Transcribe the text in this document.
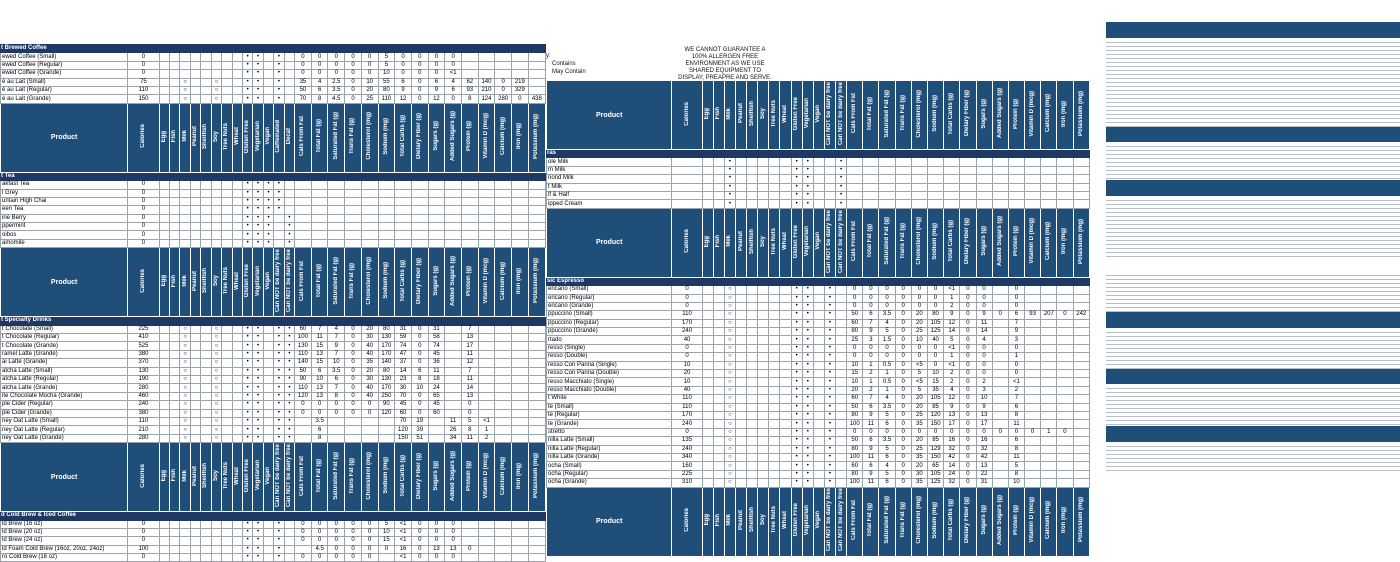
t Brewed Coffee																													
ewed Coffee (Small)	0									•	•		•		0	0	0	0	0	5	0	0	0	0					
ewed Coffee (Regular)	0									•	•		•		0	0	0	0	0	5	0	0	0	0					
ewed Coffee (Grande)	0									•	•		•		0	0	0	0	0	10	0	0	0	<1					
é au Lait (Small)	75			○			○			•	•		•		35	4	2.5	0	10	55	6	0	6	4	62	140	0	219	
é au Lait (Regular)	110			○			○			•	•		•		50	6	3.5	0	20	80	9	0	9	6	93	210	0	329	
é au Lait (Grande)	150			○			○			•	•		•		70	8	4.5	0	25	110	12	0	12	0	8	124	280	0	438
Product	Calories	Egg	Fish	Milk	Peanut	Shellfish	Soy	Tree Nuts	Wheat	Gluten Free	Vegetarian	Vegan	Caffeinated	Decaf	Cals From Fat	Total Fat (g)	Saturated Fat (g)	Trans Fat (g)	Cholesterol (mg)	Sodium (mg)	Total Carbs (g)	Dietary Fiber (g)	Sugars (g)	Added Sugars (g)	Protein (g)	Vitamin D (mcg)	Calcium (mg)	Iron (mg)	Potassium (mg)
t Tea																													
akfast Tea	0									•	•	•	•																
l Grey	0									•	•	•	•																
untain High Chai	0									•	•	•	•																
een Tea	0									•	•	•	•																
ine Berry	0									•	•	•		•															
ppermint	0									•	•	•		•															
oibos	0									•	•	•		•															
amomile	0									•	•	•		•															
Product	Calories	Egg	Fish	Milk	Peanut	Shellfish	Soy	Tree Nuts	Wheat	Gluten Free	Vegetarian	Vegan	Can NOT be dairy free	Can NOT be dairy free	Cals From Fat	Total Fat (g)	Saturated Fat (g)	Trans Fat (g)	Cholesterol (mg)	Sodium (mg)	Total Carbs (g)	Dietary Fiber (g)	Sugars (g)	Added Sugars (g)	Protein (g)	Vitamin D (mcg)	Calcium (mg)	Iron (mg)	Potassium (mg)
t Specialty Drinks																													
t Chocolate (Small)	225			○			○			•	•		•	•	60	7	4	0	20	80	31	0	31		7				
t Chocolate (Regular)	410			○			○			•	•		•	•	100	11	7	0	30	130	59	0	58		13				
t Chocolate (Grande)	525			○			○			•	•		•	•	130	15	9	0	40	170	74	0	74		17				
ramel Latte (Grande)	380			○			○			•	•		•	•	110	13	7	0	40	170	47	0	45		11				
ai Latte (Grande)	370			○			○			•	•		•	•	140	15	10	0	35	140	37	0	36		12				
atcha Latte (Small)	130			○			○			•	•		•	•	50	6	3.5	0	20	80	14	6	11		7				
atcha Latte (Regular)	190			○			○			•	•		•	•	90	10	6	0	30	130	23	8	18		11				
atcha Latte (Grande)	280			○			○			•	•		•	•	110	13	7	0	40	170	30	10	24		14				
ite Chocolate Mocha (Grande)	460			○			○			•	•		•	•	120	13	8	0	40	250	70	0	65		13				
ple Cider (Regular)	240			○			○			•	•		•	•	0	0	0	0	0	90	45	0	45		0				
ple Cider (Grande)	380			○			○			•	•		•	•	0	0	0	0	0	120	60	0	60		0				
ney Oat Latte (Small)	110			○			○			•	•		•	•		3.5					70	19		11	5	<1			
ney Oat Latte (Regular)	210			○			○			•	•		•	•		6					120	39		26	8	1			
ney Oat Latte (Grande)	280			○			○			•	•		•	•		8					150	51		34	11	2			
Product	Calories	Egg	Fish	Milk	Peanut	Shellfish	Soy	Tree Nuts	Wheat	Gluten Free	Vegetarian	Vegan	Can NOT be dairy free	Can NOT be dairy free	Cals From Fat	Total Fat (g)	Saturated Fat (g)	Trans Fat (g)	Cholesterol (mg)	Sodium (mg)	Total Carbs (g)	Dietary Fiber (g)	Sugars (g)	Added Sugars (g)	Protein (g)	Vitamin D (mcg)	Calcium (mg)	Iron (mg)	Potassium (mg)
d Cold Brew & Iced Coffee																													
ld Brew (16 oz)	0									•	•		•		0	0	0	0	0	5	<1	0	0	0					
ld Brew (20 oz)	0									•	•		•		0	0	0	0	0	10	<1	0	0	0					
ld Brew (24 oz)	0									•	•		•		0	0	0	0	0	15	<1	0	0	0					
ld Foam Cold Brew (16oz, 20oz, 24oz)	100									•	•		•			4.5	0	0	0	0	16	0	13	13	0				
ro Cold Brew (16 oz)	0									•	•		•		0	0	0	0	0		<1	0	0	0					
y:
Contains
May Contain
WE CANNOT GUARANTEE A 100% ALLERGEN FREE ENVIRONMENT AS WE USE SHARED EQUIPMENT TO DISPLAY, PREAPRE AND SERVE.
Product	Calories	Egg	Fish	Milk	Peanut	Shellfish	Soy	Tree Nuts	Wheat	Gluten Free	Vegetarian	Vegan	Can NOT be dairy free	Can NOT be dairy free	Cals From Fat	Total Fat (g)	Saturated Fat (g)	Trans Fat (g)	Cholesterol (mg)	Sodium (mg)	Total Carbs (g)	Dietary Fiber (g)	Sugars (g)	Added Sugars (g)	Protein (g)	Vitamin D (mcg)	Calcium (mg)	Iron (mg)	Potassium (mg)
ras																													
ole Milk				•						•	•			•															
m Milk				•						•	•			•															
nond Milk				•						•	•			•															
t Milk				•						•	•			•															
lf & Half				•						•	•			•															
ipped Cream				•						•	•			•															
Product	Calories	Egg	Fish	Milk	Peanut	Shellfish	Soy	Tree Nuts	Wheat	Gluten Free	Vegetarian	Vegan	Can NOT be dairy free	Can NOT be dairy free	Cals From Fat	Total Fat (g)	Saturated Fat (g)	Trans Fat (g)	Cholesterol (mg)	Sodium (mg)	Total Carbs (g)	Dietary Fiber (g)	Sugars (g)	Added Sugars (g)	Protein (g)	Vitamin D (mcg)	Calcium (mg)	Iron (mg)	Potassium (mg)
sic Espresso																													
ericano (Small)	0			○						•	•		•		0	0	0	0	0	0	<1	0	0		0				
ericano (Regular)	0			○						•	•		•		0	0	0	0	0	0	1	0	0		0				
ericano (Grande)	0			○						•	•		•		0	0	0	0	0	0	2	0	0		0				
ppuccino (Small)	110			○						•	•		•		50	6	3.5	0	20	80	9	0	9	0	6	93	207	0	242
ppuccino (Regular)	170			○						•	•		•		60	7	4	0	20	105	12	0	11		7				
ppuccino (Grande)	240			○						•	•		•		80	9	5	0	25	125	14	0	14		9				
rtado	40			○						•	•		•		25	3	1.5	0	10	40	5	0	4		3				
resso (Single)	0			○						•	•		•		0	0	0	0	0	0	<1	0	0		0				
resso (Double)	0			○						•	•		•		0	0	0	0	0	0	1	0	0		1				
resso Con Panna (Single)	10			○						•	•		•		10	1	0.5	0	<5	0	<1	0	0		0				
resso Con Panna (Double)	20			○						•	•		•		15	2	1	0	5	10	2	0	0		0				
resso Macchiato (Single)	10			○						•	•		•		10	1	0.5	0	<5	15	2	0	2		<1				
resso Macchiato (Double)	40			○						•	•		•		20	2	1	0	5	35	4	0	3		2				
t White	110			○						•	•		•		60	7	4	0	20	105	12	0	10		7				
te (Small)	110			○						•	•		•		50	6	3.5	0	20	85	9	0	9		6				
te (Regular)	170			○						•	•		•		80	9	5	0	25	120	13	0	13		8				
te (Grande)	240			○						•	•		•		100	11	6	0	35	150	17	0	17		11				
stretto	0			○						•	•		•		0	0	0	0	0	0	0	0	0	0	0	0	1	0	
nilla Latte (Small)	135			○						•	•		•		50	6	3.5	0	20	85	16	0	16		6				
nilla Latte (Regular)	240			○						•	•		•		80	9	5	0	25	129	32	0	32		8				
nilla Latte (Grande)	340			○						•	•		•		100	11	6	0	35	150	42	0	42		11				
ocha (Small)	160			○						•	•		•		60	6	4	0	20	65	14	0	13		5				
ocha (Regular)	225			○						•	•		•		80	9	5	0	30	105	24	0	22		8				
ocha (Grande)	310			○						•	•		•		100	11	6	0	35	125	32	0	31		10				
Product	Calories	Egg	Fish	Milk	Peanut	Shellfish	Soy	Tree Nuts	Wheat	Gluten Free	Vegetarian	Vegan	Can NOT be dairy free	Can NOT be dairy free	Cals From Fat	Total Fat (g)	Saturated Fat (g)	Trans Fat (g)	Cholesterol (mg)	Sodium (mg)	Total Carbs (g)	Dietary Fiber (g)	Sugars (g)	Added Sugars (g)	Protein (g)	Vitamin D (mcg)	Calcium (mg)	Iron (mg)	Potassium (mg)
